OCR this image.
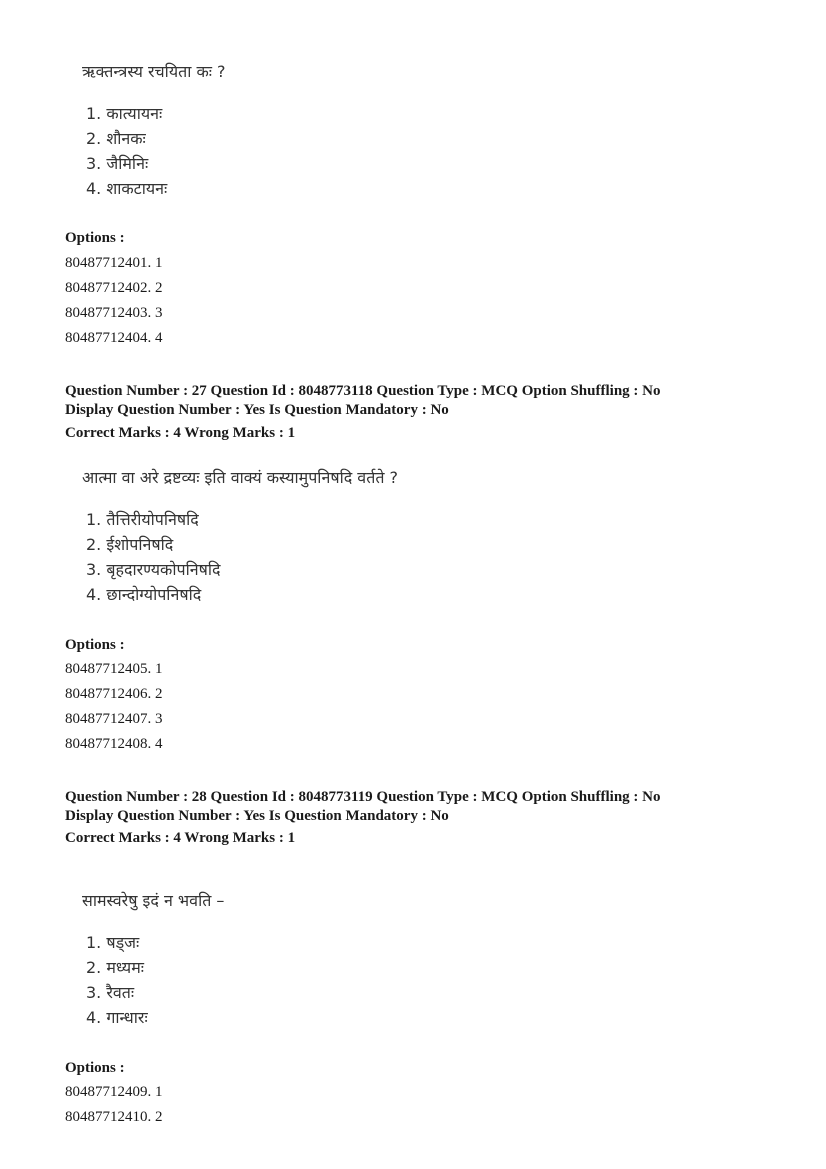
ऋक्तन्त्रस्य रचयिता कः ?
1. कात्यायनः
2. शौनकः
3. जैमिनिः
4. शाकटायनः
Options :
80487712401. 1
80487712402. 2
80487712403. 3
80487712404. 4
Question Number : 27 Question Id : 8048773118 Question Type : MCQ Option Shuffling : No
Display Question Number : Yes Is Question Mandatory : No
Correct Marks : 4 Wrong Marks : 1
आत्मा वा अरे द्रष्टव्यः इति वाक्यं कस्यामुपनिषदि वर्तते ?
1. तैत्तिरीयोपनिषदि
2. ईशोपनिषदि
3. बृहदारण्यकोपनिषदि
4. छान्दोग्योपनिषदि
Options :
80487712405. 1
80487712406. 2
80487712407. 3
80487712408. 4
Question Number : 28 Question Id : 8048773119 Question Type : MCQ Option Shuffling : No
Display Question Number : Yes Is Question Mandatory : No
Correct Marks : 4 Wrong Marks : 1
सामस्वरेषु इदं न भवति –
1. षड्जः
2. मध्यमः
3. रैवतः
4. गान्धारः
Options :
80487712409. 1
80487712410. 2
